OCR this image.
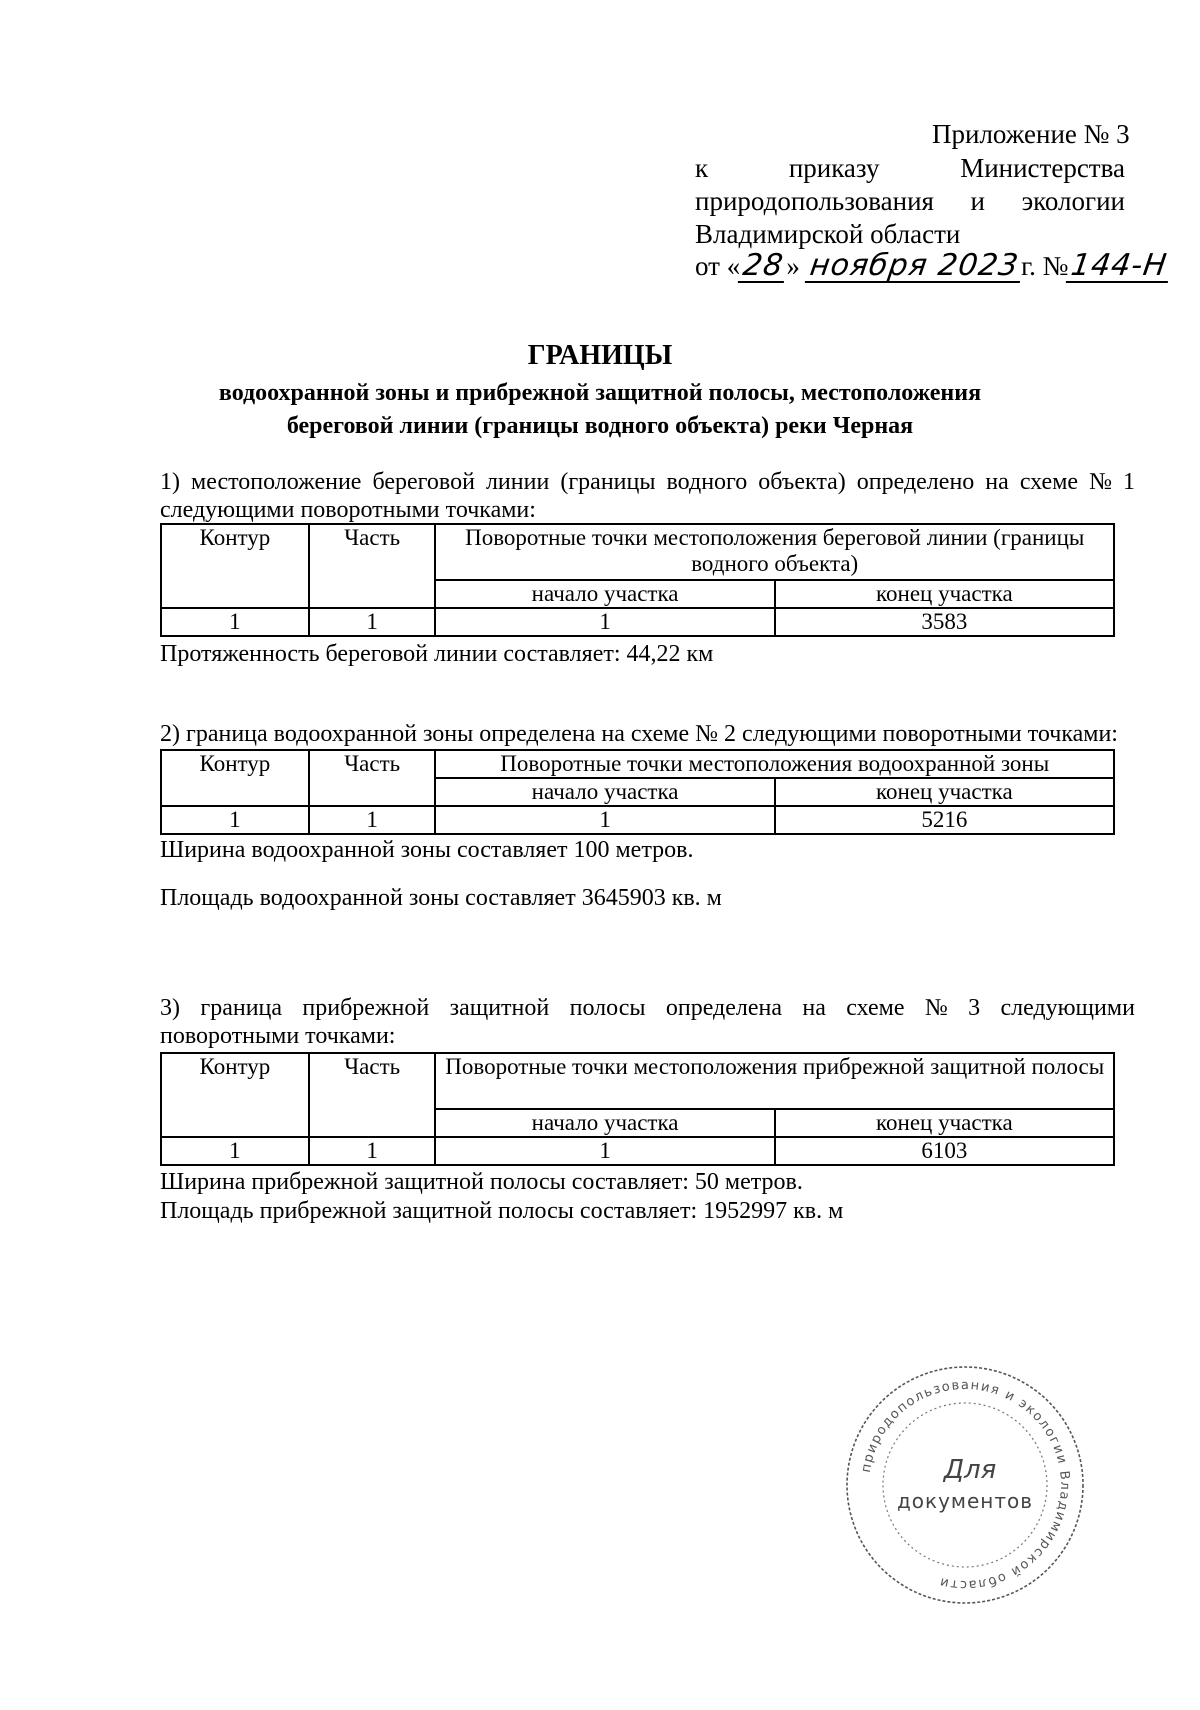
Приложение № 3
к	приказу	Министерства
природопользования и экологии
Владимирской области
от «28» ноября 2023г. №144-Н
ГРАНИЦЫ
водоохранной зоны и прибрежной защитной полосы, местоположения
береговой линии (границы водного объекта) реки Черная
1) местоположение береговой линии (границы водного объекта) определено на схеме № 1
следующими поворотными точками:
Контур	Часть	Поворотные точки местоположения береговой линии (границы водного объекта)	
		начало участка	конец участка
1	1	1	3583
Протяженность береговой линии составляет: 44,22 км
2) граница водоохранной зоны определена на схеме № 2 следующими поворотными точками:
Контур	Часть	Поворотные точки местоположения водоохранной зоны	
		начало участка	конец участка
1	1	1	5216
Ширина водоохранной зоны составляет 100 метров.
Площадь водоохранной зоны составляет 3645903 кв. м
3) граница прибрежной защитной полосы определена на схеме № 3 следующими
поворотными точками:
Контур	Часть	Поворотные точки местоположения прибрежной защитной полосы	
		начало участка	конец участка
1	1	1	6103
Ширина прибрежной защитной полосы составляет: 50 метров.
Площадь прибрежной защитной полосы составляет: 1952997 кв. м
природопользования и экологии Владимирской области
Для
документов
